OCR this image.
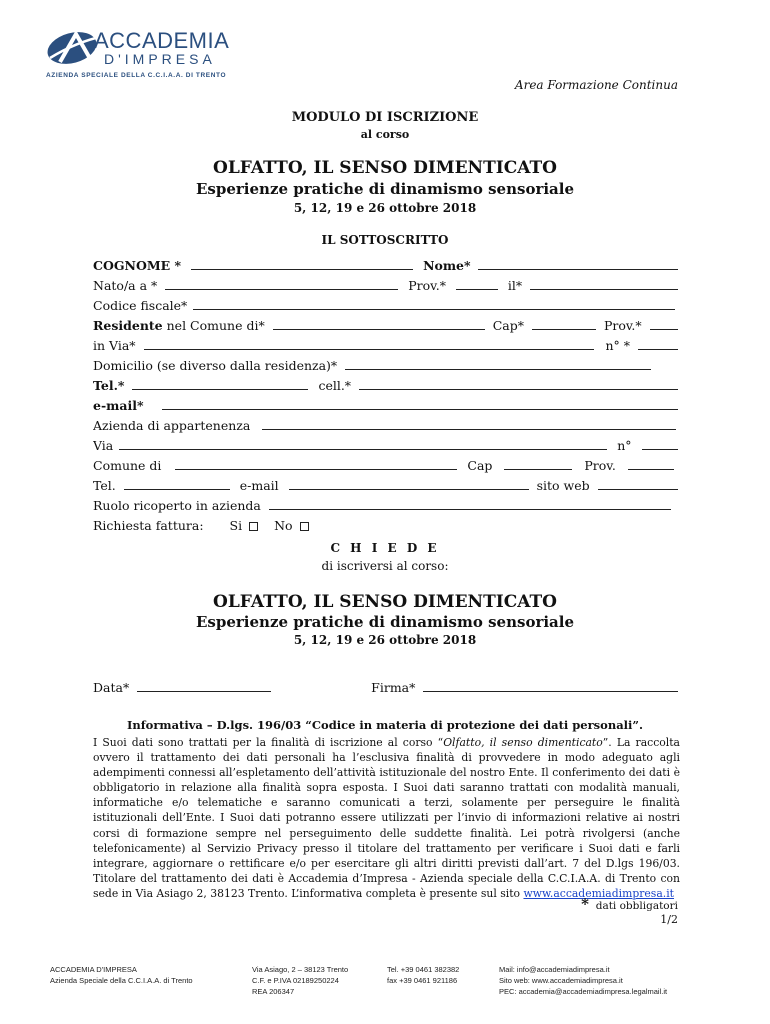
ACCADEMIA
D'IMPRESA
AZIENDA SPECIALE DELLA C.C.I.A.A. DI TRENTO
Area Formazione Continua
MODULO DI ISCRIZIONE
al corso
OLFATTO, IL SENSO DIMENTICATO
Esperienze pratiche di dinamismo sensoriale
5, 12, 19 e 26 ottobre 2018
IL SOTTOSCRITTO
COGNOME *	Nome*
Nato/a a *	Prov.*	il*
Codice fiscale*
Residente nel Comune di*	Cap*	Prov.*
in Via*	n° *
Domicilio (se diverso dalla residenza)*
Tel.*	cell.*
e-mail*
Azienda di appartenenza
Via	n°
Comune di	Cap	Prov.
Tel.	e-mail	sito web
Ruolo ricoperto in azienda
Richiesta fattura: Si	No
C H I E D E
di iscriversi al corso:
OLFATTO, IL SENSO DIMENTICATO
Esperienze pratiche di dinamismo sensoriale
5, 12, 19 e 26 ottobre 2018
Data*	Firma*
Informativa – D.lgs. 196/03 “Codice in materia di protezione dei dati personali”.
I Suoi dati sono trattati per la finalità di iscrizione al corso “Olfatto, il senso dimenticato”. La raccolta ovvero il trattamento dei dati personali ha l’esclusiva finalità di provvedere in modo adeguato agli adempimenti connessi all’espletamento dell’attività istituzionale del nostro Ente. Il conferimento dei dati è obbligatorio in relazione alla finalità sopra esposta. I Suoi dati saranno trattati con modalità manuali, informatiche e/o telematiche e saranno comunicati a terzi, solamente per perseguire le finalità istituzionali dell’Ente. I Suoi dati potranno essere utilizzati per l’invio di informazioni relative ai nostri corsi di formazione sempre nel perseguimento delle suddette finalità. Lei potrà rivolgersi (anche telefonicamente) al Servizio Privacy presso il titolare del trattamento per verificare i Suoi dati e farli integrare, aggiornare o rettificare e/o per esercitare gli altri diritti previsti dall’art. 7 del D.lgs 196/03. Titolare del trattamento dei dati è Accademia d’Impresa - Azienda speciale della C.C.I.A.A. di Trento con sede in Via Asiago 2, 38123 Trento. L’informativa completa è presente sul sito www.accademiadimpresa.it
* dati obbligatori
1/2
ACCADEMIA D'IMPRESA
Azienda Speciale della C.C.I.A.A. di Trento
Via Asiago, 2 – 38123 Trento
C.F. e P.IVA 02189250224
REA 206347
Tel. +39 0461 382382
fax +39 0461 921186
Mail: info@accademiadimpresa.it
Sito web: www.accademiadimpresa.it
PEC: accademia@accademiadimpresa.legalmail.it
